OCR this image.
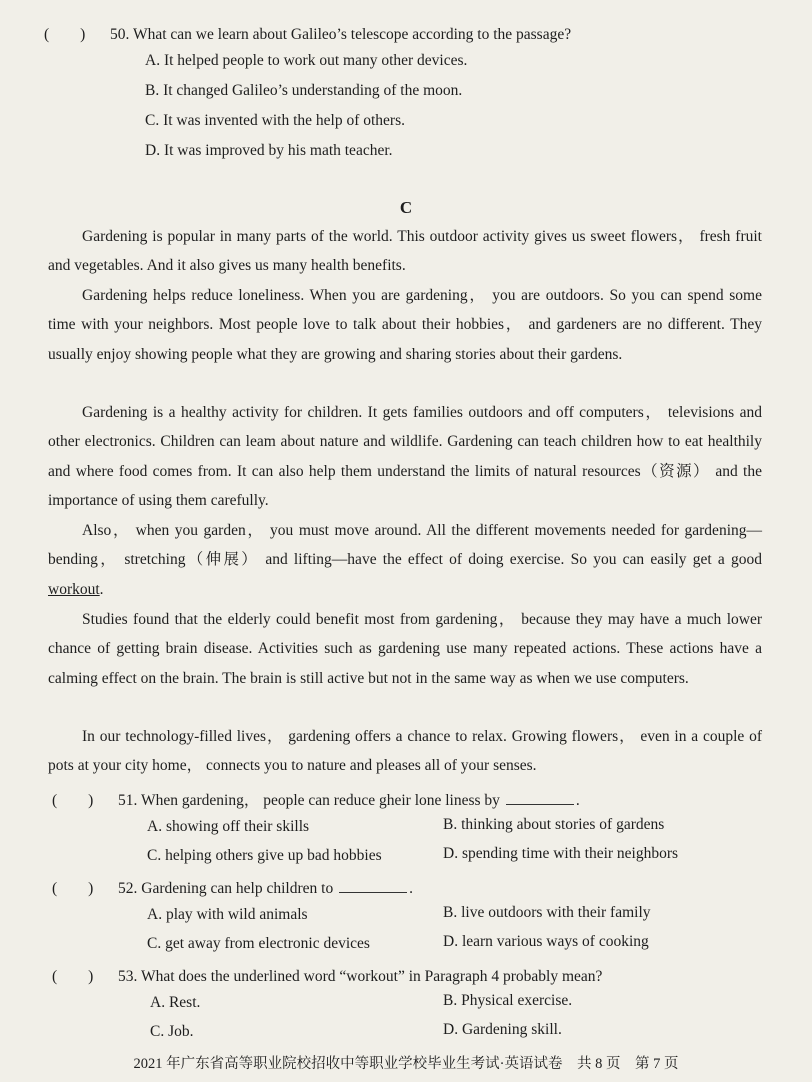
(　　) 50. What can we learn about Galileo’s telescope according to the passage?
A. It helped people to work out many other devices.
B. It changed Galileo’s understanding of the moon.
C. It was invented with the help of others.
D. It was improved by his math teacher.
C

Gardening is popular in many parts of the world. This outdoor activity gives us sweet flowers， fresh fruit and vegetables. And it also gives us many health benefits.

Gardening helps reduce loneliness. When you are gardening， you are outdoors. So you can spend some time with your neighbors. Most people love to talk about their hobbies， and gardeners are no different. They usually enjoy showing people what they are growing and sharing stories about their gardens.

Gardening is a healthy activity for children. It gets families outdoors and off computers， televisions and other electronics. Children can leam about nature and wildlife. Gardening can teach children how to eat healthily and where food comes from. It can also help them understand the limits of natural resources（资源） and the importance of using them carefully.

Also， when you garden， you must move around. All the different movements needed for gardening—bending， stretching（伸展） and lifting—have the effect of doing exercise. So you can easily get a good workout.

Studies found that the elderly could benefit most from gardening， because they may have a much lower chance of getting brain disease. Activities such as gardening use many repeated actions. These actions have a calming effect on the brain. The brain is still active but not in the same way as when we use computers.

In our technology-filled lives， gardening offers a chance to relax. Growing flowers， even in a couple of pots at your city home， connects you to nature and pleases all of your senses.

(　　) 51. When gardening， people can reduce gheir lone liness by	.
A. showing off their skills	B. thinking about stories of gardens
C. helping others give up bad hobbies	D. spending time with their neighbors
(　　) 52. Gardening can help children to	.
A. play with wild animals	B. live outdoors with their family
C. get away from electronic devices	D. learn various ways of cooking
(　　) 53. What does the underlined word “workout” in Paragraph 4 probably mean?
A. Rest.	B. Physical exercise.
C. Job.	D. Gardening skill.
2021 年广东省高等职业院校招收中等职业学校毕业生考试·英语试卷　共 8 页　第 7 页
